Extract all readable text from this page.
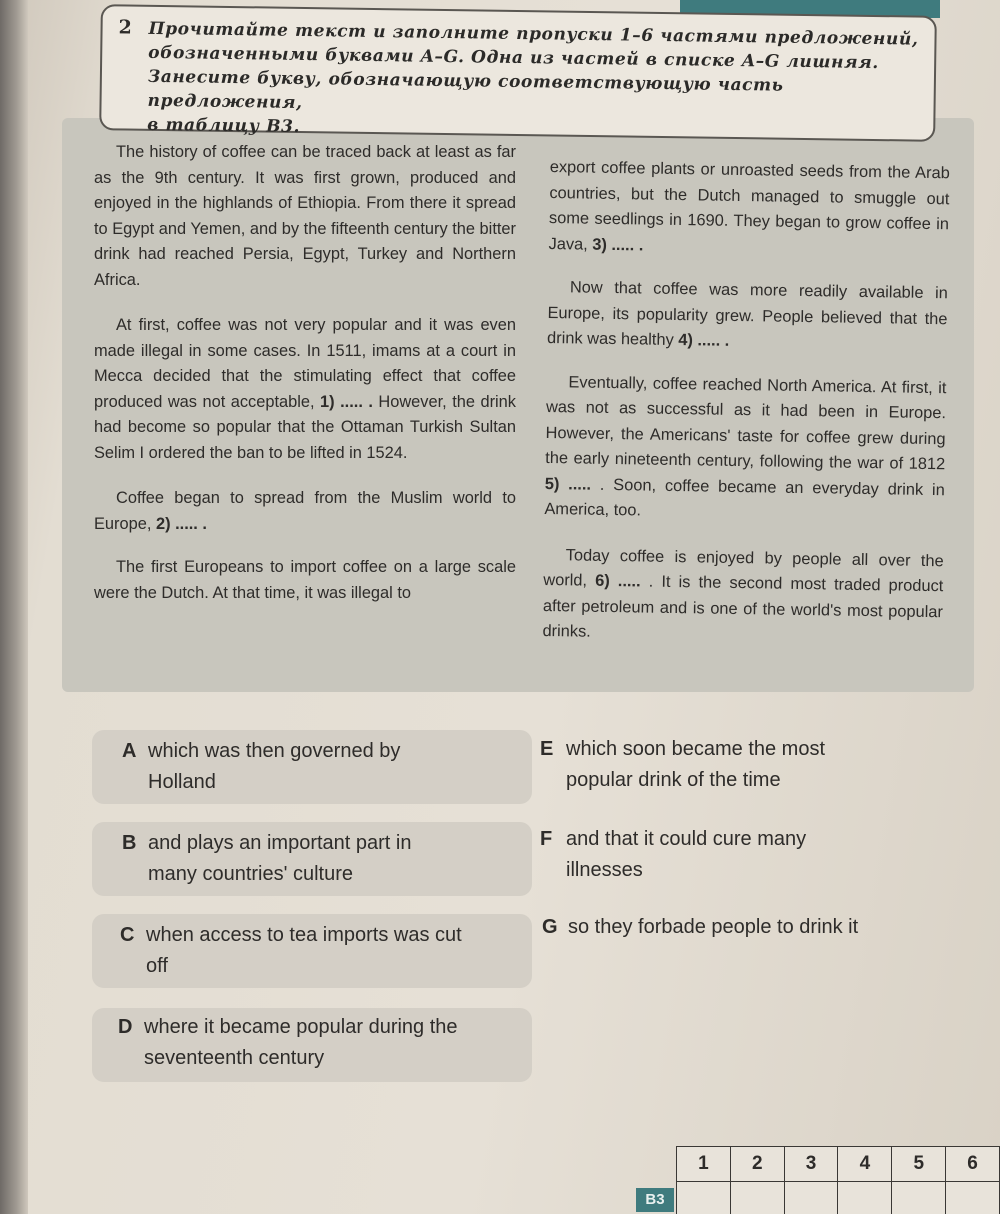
2 Прочитайте текст и заполните пропуски 1–6 частями предложений,
обозначенными буквами A–G. Одна из частей в списке A–G лишняя.
Занесите букву, обозначающую соответствующую часть предложения,
в таблицу B3.

The history of coffee can be traced back at least as far as the 9th century. It was first grown, produced and enjoyed in the highlands of Ethiopia. From there it spread to Egypt and Yemen, and by the fifteenth century the bitter drink had reached Persia, Egypt, Turkey and Northern Africa.

At first, coffee was not very popular and it was even made illegal in some cases. In 1511, imams at a court in Mecca decided that the stimulating effect that coffee produced was not acceptable, 1) ..... . However, the drink had become so popular that the Ottaman Turkish Sultan Selim I ordered the ban to be lifted in 1524.

Coffee began to spread from the Muslim world to Europe, 2) ..... .

The first Europeans to import coffee on a large scale were the Dutch. At that time, it was illegal to

export coffee plants or unroasted seeds from the Arab countries, but the Dutch managed to smuggle out some seedlings in 1690. They began to grow coffee in Java, 3) ..... .

Now that coffee was more readily available in Europe, its popularity grew. People believed that the drink was healthy 4) ..... .

Eventually, coffee reached North America. At first, it was not as successful as it had been in Europe. However, the Americans' taste for coffee grew during the early nineteenth century, following the war of 1812 5) ..... . Soon, coffee became an everyday drink in America, too.

Today coffee is enjoyed by people all over the world, 6) ..... . It is the second most traded product after petroleum and is one of the world's most popular drinks.

A which was then governed by Holland
B and plays an important part in many countries' culture
C when access to tea imports was cut off
D where it became popular during the seventeenth century
E which soon became the most popular drink of the time
F and that it could cure many illnesses
G so they forbade people to drink it
B3
1	2	3	4	5	6
